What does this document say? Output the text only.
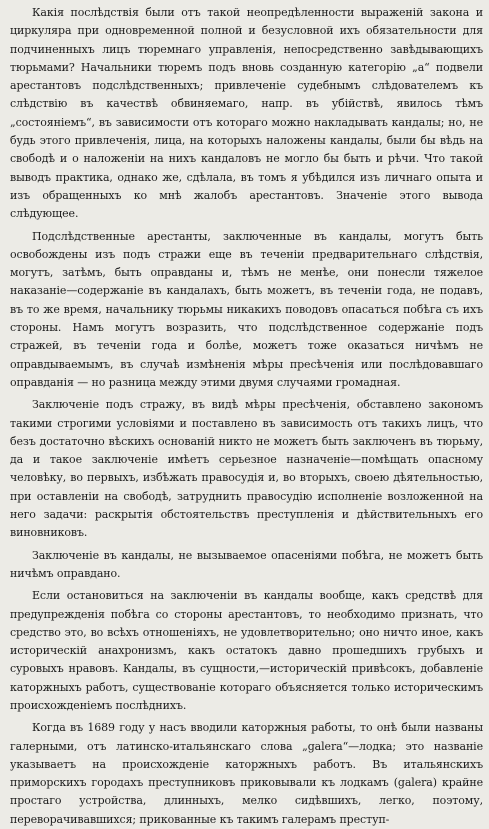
Какія послѣдствія были отъ такой неопредѣленности выраженій закона и циркуляра при одновременной полной и безусловной ихъ обязательности для подчиненныхъ лицъ тюремнаго управленія, непосредственно завѣдывающихъ тюрьмами? Начальники тюремъ подъ вновь созданную категорію „а“ подвели арестантовъ подслѣдственныхъ; привлеченіе судебнымъ слѣдователемъ къ слѣдствію въ качествѣ обвиняемаго, напр. въ убійствѣ, явилось тѣмъ „состояніемъ“, въ зависимости отъ котораго можно накладывать кандалы; но, не будь этого привлеченія, лица, на которыхъ наложены кандалы, были бы вѣдь на свободѣ и о наложеніи на нихъ кандаловъ не могло бы быть и рѣчи. Что такой выводъ практика, однако же, сдѣлала, въ томъ я убѣдился изъ личнаго опыта и изъ обращенныхъ ко мнѣ жалобъ арестантовъ. Значеніе этого вывода слѣдующее.

Подслѣдственные арестанты, заключенные въ кандалы, могутъ быть освобождены изъ подъ стражи еще въ теченіи предварительнаго слѣдствія, могутъ, затѣмъ, быть оправданы и, тѣмъ не менѣе, они понесли тяжелое наказаніе—содержаніе въ кандалахъ, быть можетъ, въ теченіи года, не подавъ, въ то же время, начальнику тюрьмы никакихъ поводовъ опасаться побѣга съ ихъ стороны. Намъ могутъ возразить, что подслѣдственное содержаніе подъ стражей, въ теченіи года и болѣе, можетъ тоже оказаться ничѣмъ не оправдываемымъ, въ случаѣ измѣненія мѣры пресѣченія или послѣдовавшаго оправданія — но разница между этими двумя случаями громадная.

Заключеніе подъ стражу, въ видѣ мѣры пресѣченія, обставлено закономъ такими строгими условіями и поставлено въ зависимость отъ такихъ лицъ, что безъ достаточно вѣскихъ основаній никто не можетъ быть заключенъ въ тюрьму, да и такое заключеніе имѣетъ серьезное назначеніе—помѣщать опасному человѣку, во первыхъ, избѣжать правосудія и, во вторыхъ, своею дѣятельностью, при оставленіи на свободѣ, затруднить правосудію исполненіе возложенной на него задачи: раскрытія обстоятельствъ преступленія и дѣйствительныхъ его виновниковъ.

Заключеніе въ кандалы, не вызываемое опасеніями побѣга, не можетъ быть ничѣмъ оправдано.

Если остановиться на заключеніи въ кандалы вообще, какъ средствѣ для предупрежденія побѣга со стороны арестантовъ, то необходимо признать, что средство это, во всѣхъ отношеніяхъ, не удовлетворительно; оно ничто иное, какъ историческій анахронизмъ, какъ остатокъ давно прошедшихъ грубыхъ и суровыхъ нравовъ. Кандалы, въ сущности,—историческій привѣсокъ, добавленіе каторжныхъ работъ, существованіе котораго объясняется только историческимъ происхожденіемъ послѣднихъ.

Когда въ 1689 году у насъ вводили каторжныя работы, то онѣ были названы галерными, отъ латинско-итальянскаго слова „galera“—лодка; это названіе указываетъ на происхожденіе каторжныхъ работъ. Въ итальянскихъ приморскихъ городахъ преступниковъ приковывали къ лодкамъ (galera) крайне простаго устройства, длинныхъ, мелко сидѣвшихъ, легко, поэтому, переворачивавшихся; прикованные къ такимъ галерамъ преступ-
